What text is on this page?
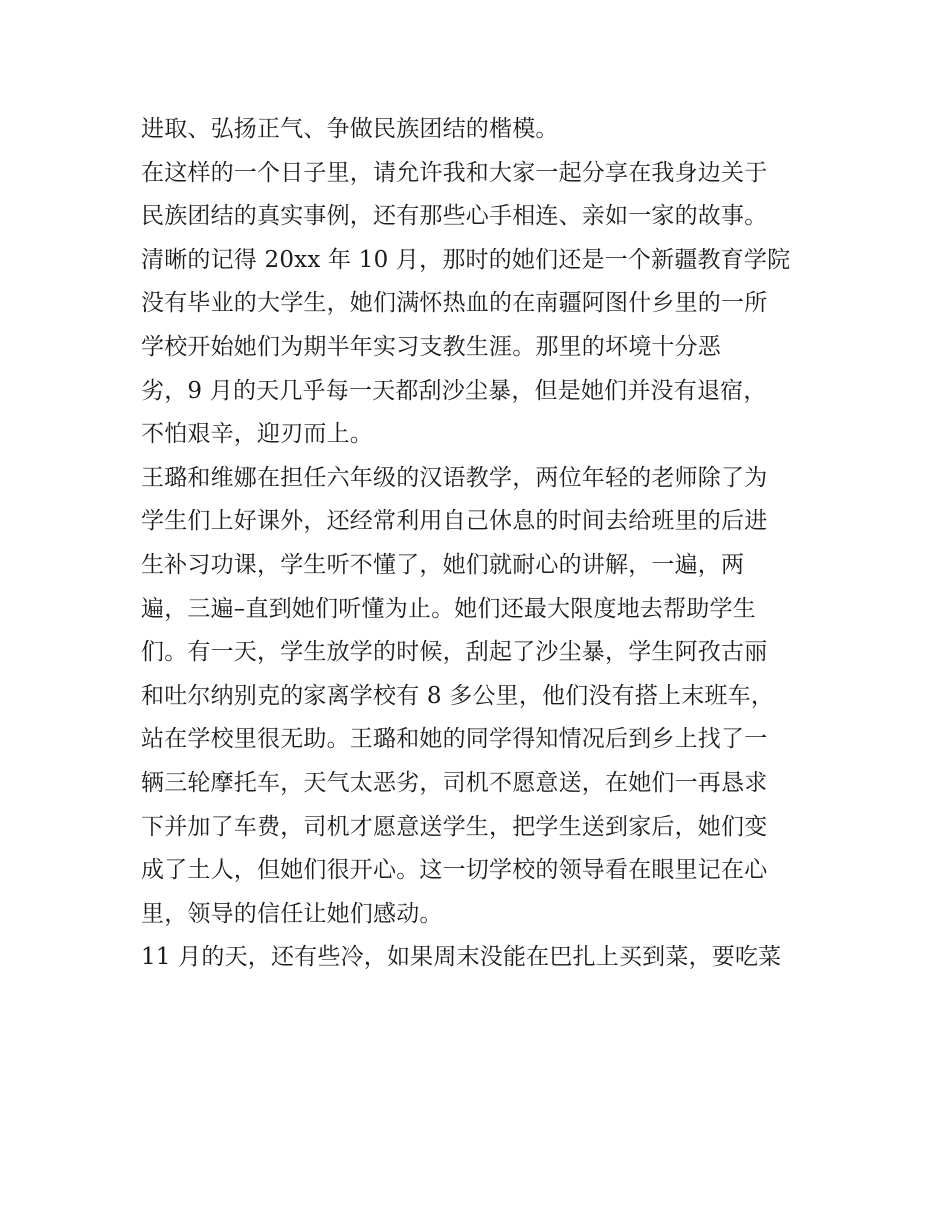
进取、弘扬正气、争做民族团结的楷模。
在这样的一个日子里，请允许我和大家一起分享在我身边关于
民族团结的真实事例，还有那些心手相连、亲如一家的故事。
清晰的记得 20xx 年 10 月，那时的她们还是一个新疆教育学院
没有毕业的大学生，她们满怀热血的在南疆阿图什乡里的一所
学校开始她们为期半年实习支教生涯。那里的坏境十分恶
劣，9 月的天几乎每一天都刮沙尘暴，但是她们并没有退宿，
不怕艰辛，迎刃而上。
王璐和维娜在担任六年级的汉语教学，两位年轻的老师除了为
学生们上好课外，还经常利用自己休息的时间去给班里的后进
生补习功课，学生听不懂了，她们就耐心的讲解，一遍，两
遍，三遍–直到她们听懂为止。她们还最大限度地去帮助学生
们。有一天，学生放学的时候，刮起了沙尘暴，学生阿孜古丽
和吐尔纳别克的家离学校有 8 多公里，他们没有搭上末班车，
站在学校里很无助。王璐和她的同学得知情况后到乡上找了一
辆三轮摩托车，天气太恶劣，司机不愿意送，在她们一再恳求
下并加了车费，司机才愿意送学生，把学生送到家后，她们变
成了土人，但她们很开心。这一切学校的领导看在眼里记在心
里，领导的信任让她们感动。
11 月的天，还有些冷，如果周末没能在巴扎上买到菜，要吃菜
